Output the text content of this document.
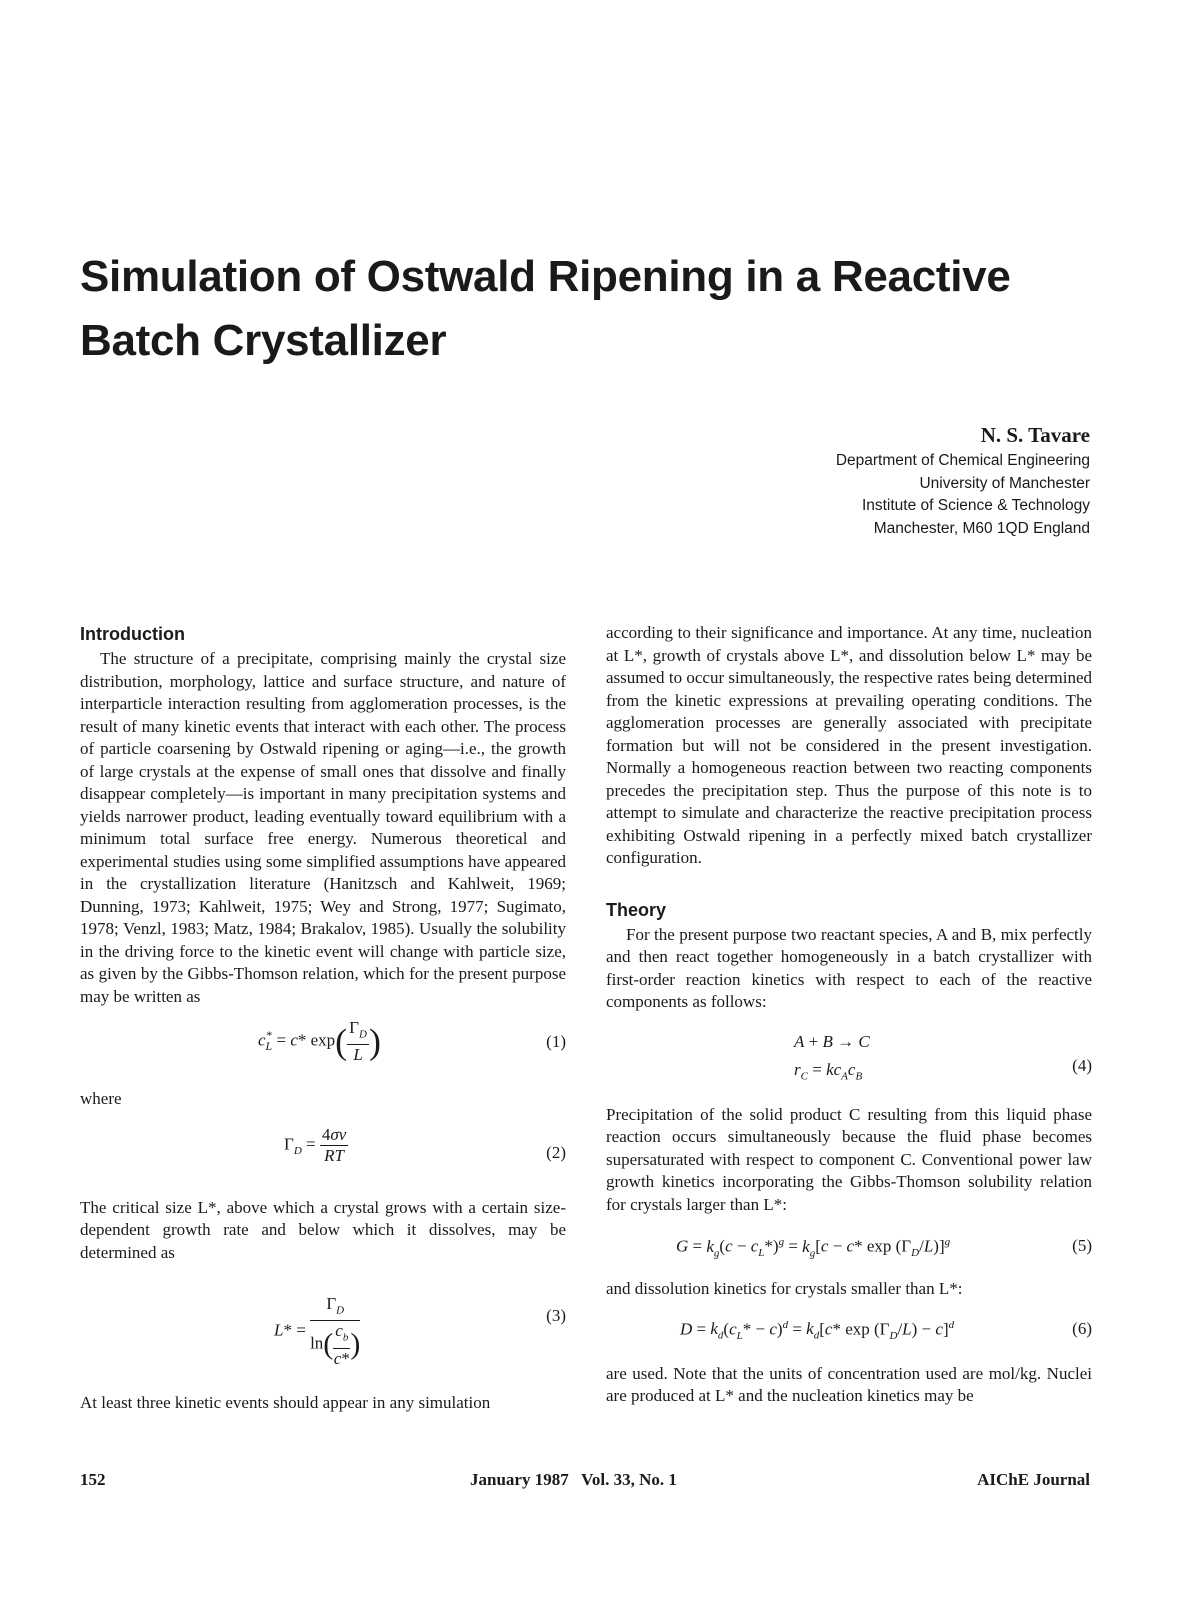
Simulation of Ostwald Ripening in a Reactive Batch Crystallizer
N. S. Tavare
Department of Chemical Engineering
University of Manchester
Institute of Science & Technology
Manchester, M60 1QD England
Introduction

The structure of a precipitate, comprising mainly the crystal size distribution, morphology, lattice and surface structure, and nature of interparticle interaction resulting from agglomeration processes, is the result of many kinetic events that interact with each other. The process of particle coarsening by Ostwald ripening or aging—i.e., the growth of large crystals at the expense of small ones that dissolve and finally disappear completely—is important in many precipitation systems and yields narrower product, leading eventually toward equilibrium with a minimum total surface free energy. Numerous theoretical and experimental studies using some simplified assumptions have appeared in the crystallization literature (Hanitzsch and Kahlweit, 1969; Dunning, 1973; Kahlweit, 1975; Wey and Strong, 1977; Sugimato, 1978; Venzl, 1983; Matz, 1984; Brakalov, 1985). Usually the solubility in the driving force to the kinetic event will change with particle size, as given by the Gibbs-Thomson relation, which for the present purpose may be written as

$c_L^* = c*$ $\exp( \frac{\Gamma_D}{L}$ )	(1)

where

$\Gamma_D = \frac{4\sigma v}{RT}$	(2)

The critical size L*, above which a crystal grows with a certain size-dependent growth rate and below which it dissolves, may be determined as

$L* = \frac{\Gamma_D}{\ln( \frac{c_b}{c*} )}$	(3)

At least three kinetic events should appear in any simulation

according to their significance and importance. At any time, nucleation at L*, growth of crystals above L*, and dissolution below L* may be assumed to occur simultaneously, the respective rates being determined from the kinetic expressions at prevailing operating conditions. The agglomeration processes are generally associated with precipitate formation but will not be considered in the present investigation. Normally a homogeneous reaction between two reacting components precedes the precipitation step. Thus the purpose of this note is to attempt to simulate and characterize the reactive precipitation process exhibiting Ostwald ripening in a perfectly mixed batch crystallizer configuration.

Theory

For the present purpose two reactant species, A and B, mix perfectly and then react together homogeneously in a batch crystallizer with first-order reaction kinetics with respect to each of the reactive components as follows:

A + B → C
$r_C = kc_Ac_B$
(4)

Precipitation of the solid product C resulting from this liquid phase reaction occurs simultaneously because the fluid phase becomes supersaturated with respect to component C. Conventional power law growth kinetics incorporating the Gibbs-Thomson solubility relation for crystals larger than L*:

$G = k_g(c - c_L*)^g = k_g[c - c*$ $\exp (\Gamma_D/L)]^g$	(5)

and dissolution kinetics for crystals smaller than L*:

$D = k_d(c_L* - c)^d = k_d[c*$ $\exp (\Gamma_D/L) - c]^d$	(6)

are used. Note that the units of concentration used are mol/kg. Nuclei are produced at L* and the nucleation kinetics may be

152	January 1987   Vol. 33, No. 1	AIChE Journal
